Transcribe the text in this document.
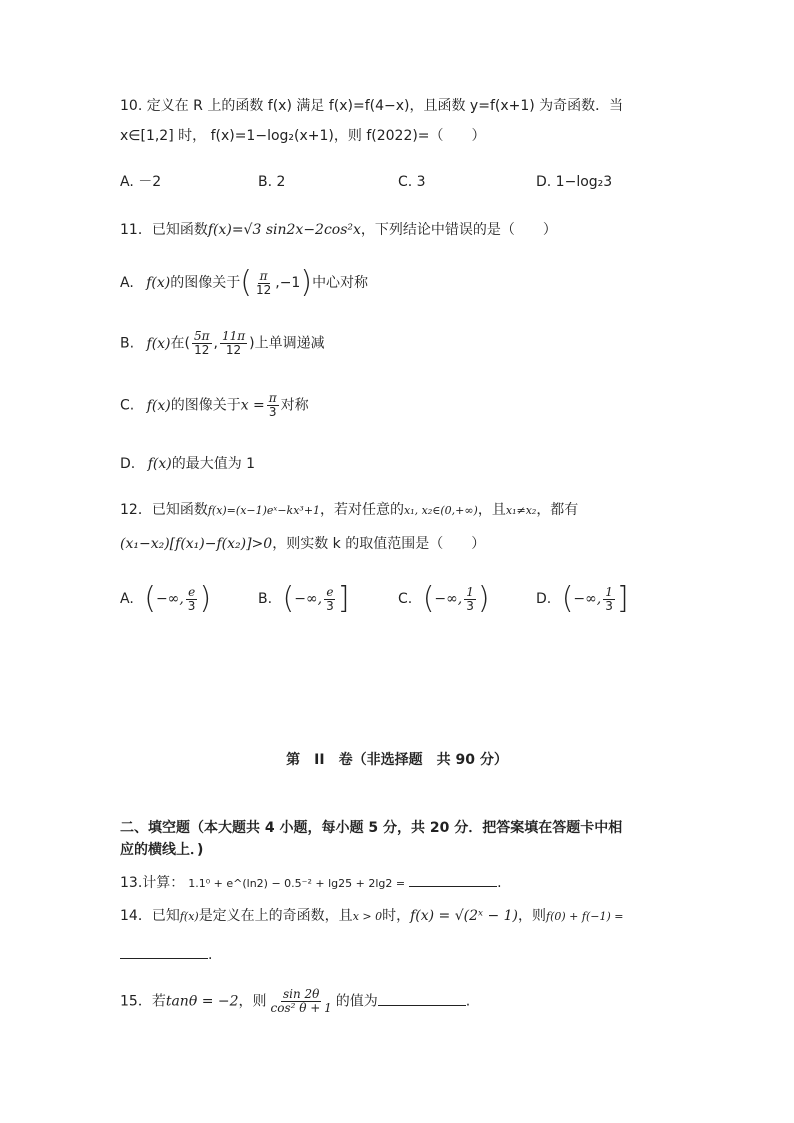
10. 定义在 R 上的函数 f(x) 满足 f(x)=f(4−x)，且函数 y=f(x+1) 为奇函数．当
x∈[1,2] 时， f(x)=1−log₂(x+1)，则 f(2022)=（　　）
A. －2	B. 2	C. 3	D. 1−log₂3
11．已知函数f(x)=√3 sin2x−2cos²x，下列结论中错误的是（　　）
A. f(x)的图像关于( $\frac{\pi}{12} ,-1$)中心对称
B. f(x)在( $\frac{5\pi}{12}$ , $\frac{11\pi}{12}$ )上单调递减
C. f(x)的图像关于$x = \frac{\pi}{3}$ 对称
D. f(x)的最大值为 1
12．已知函数f(x)=(x−1)eˣ−kx³+1，若对任意的x₁, x₂∈(0,+∞)，且x₁≠x₂，都有
(x₁−x₂)[f(x₁)−f(x₂)]>0，则实数 k 的取值范围是（　　）
A. (−∞, $\frac{e}{3}$ )	B. (−∞, $\frac{e}{3}$ ]	C. (−∞, $\frac{1}{3}$ )	D. (−∞, $\frac{1}{3}$ ]
第　II　卷（非选择题　共 90 分）
二、填空题（本大题共 4 小题，每小题 5 分，共 20 分．把答案填在答题卡中相
应的横线上．)
13.计算： 1.1⁰ + e^(ln2) − 0.5⁻² + lg25 + 2lg2 =	.
14．已知f(x)是定义在上的奇函数，且x > 0时，f(x) = √(2ˣ − 1)，则f(0) + f(−1) =
.
15．若tanθ = −2，则 $\frac{\sin 2\theta}{\text{cos² θ + 1}}$ 的值为	.
